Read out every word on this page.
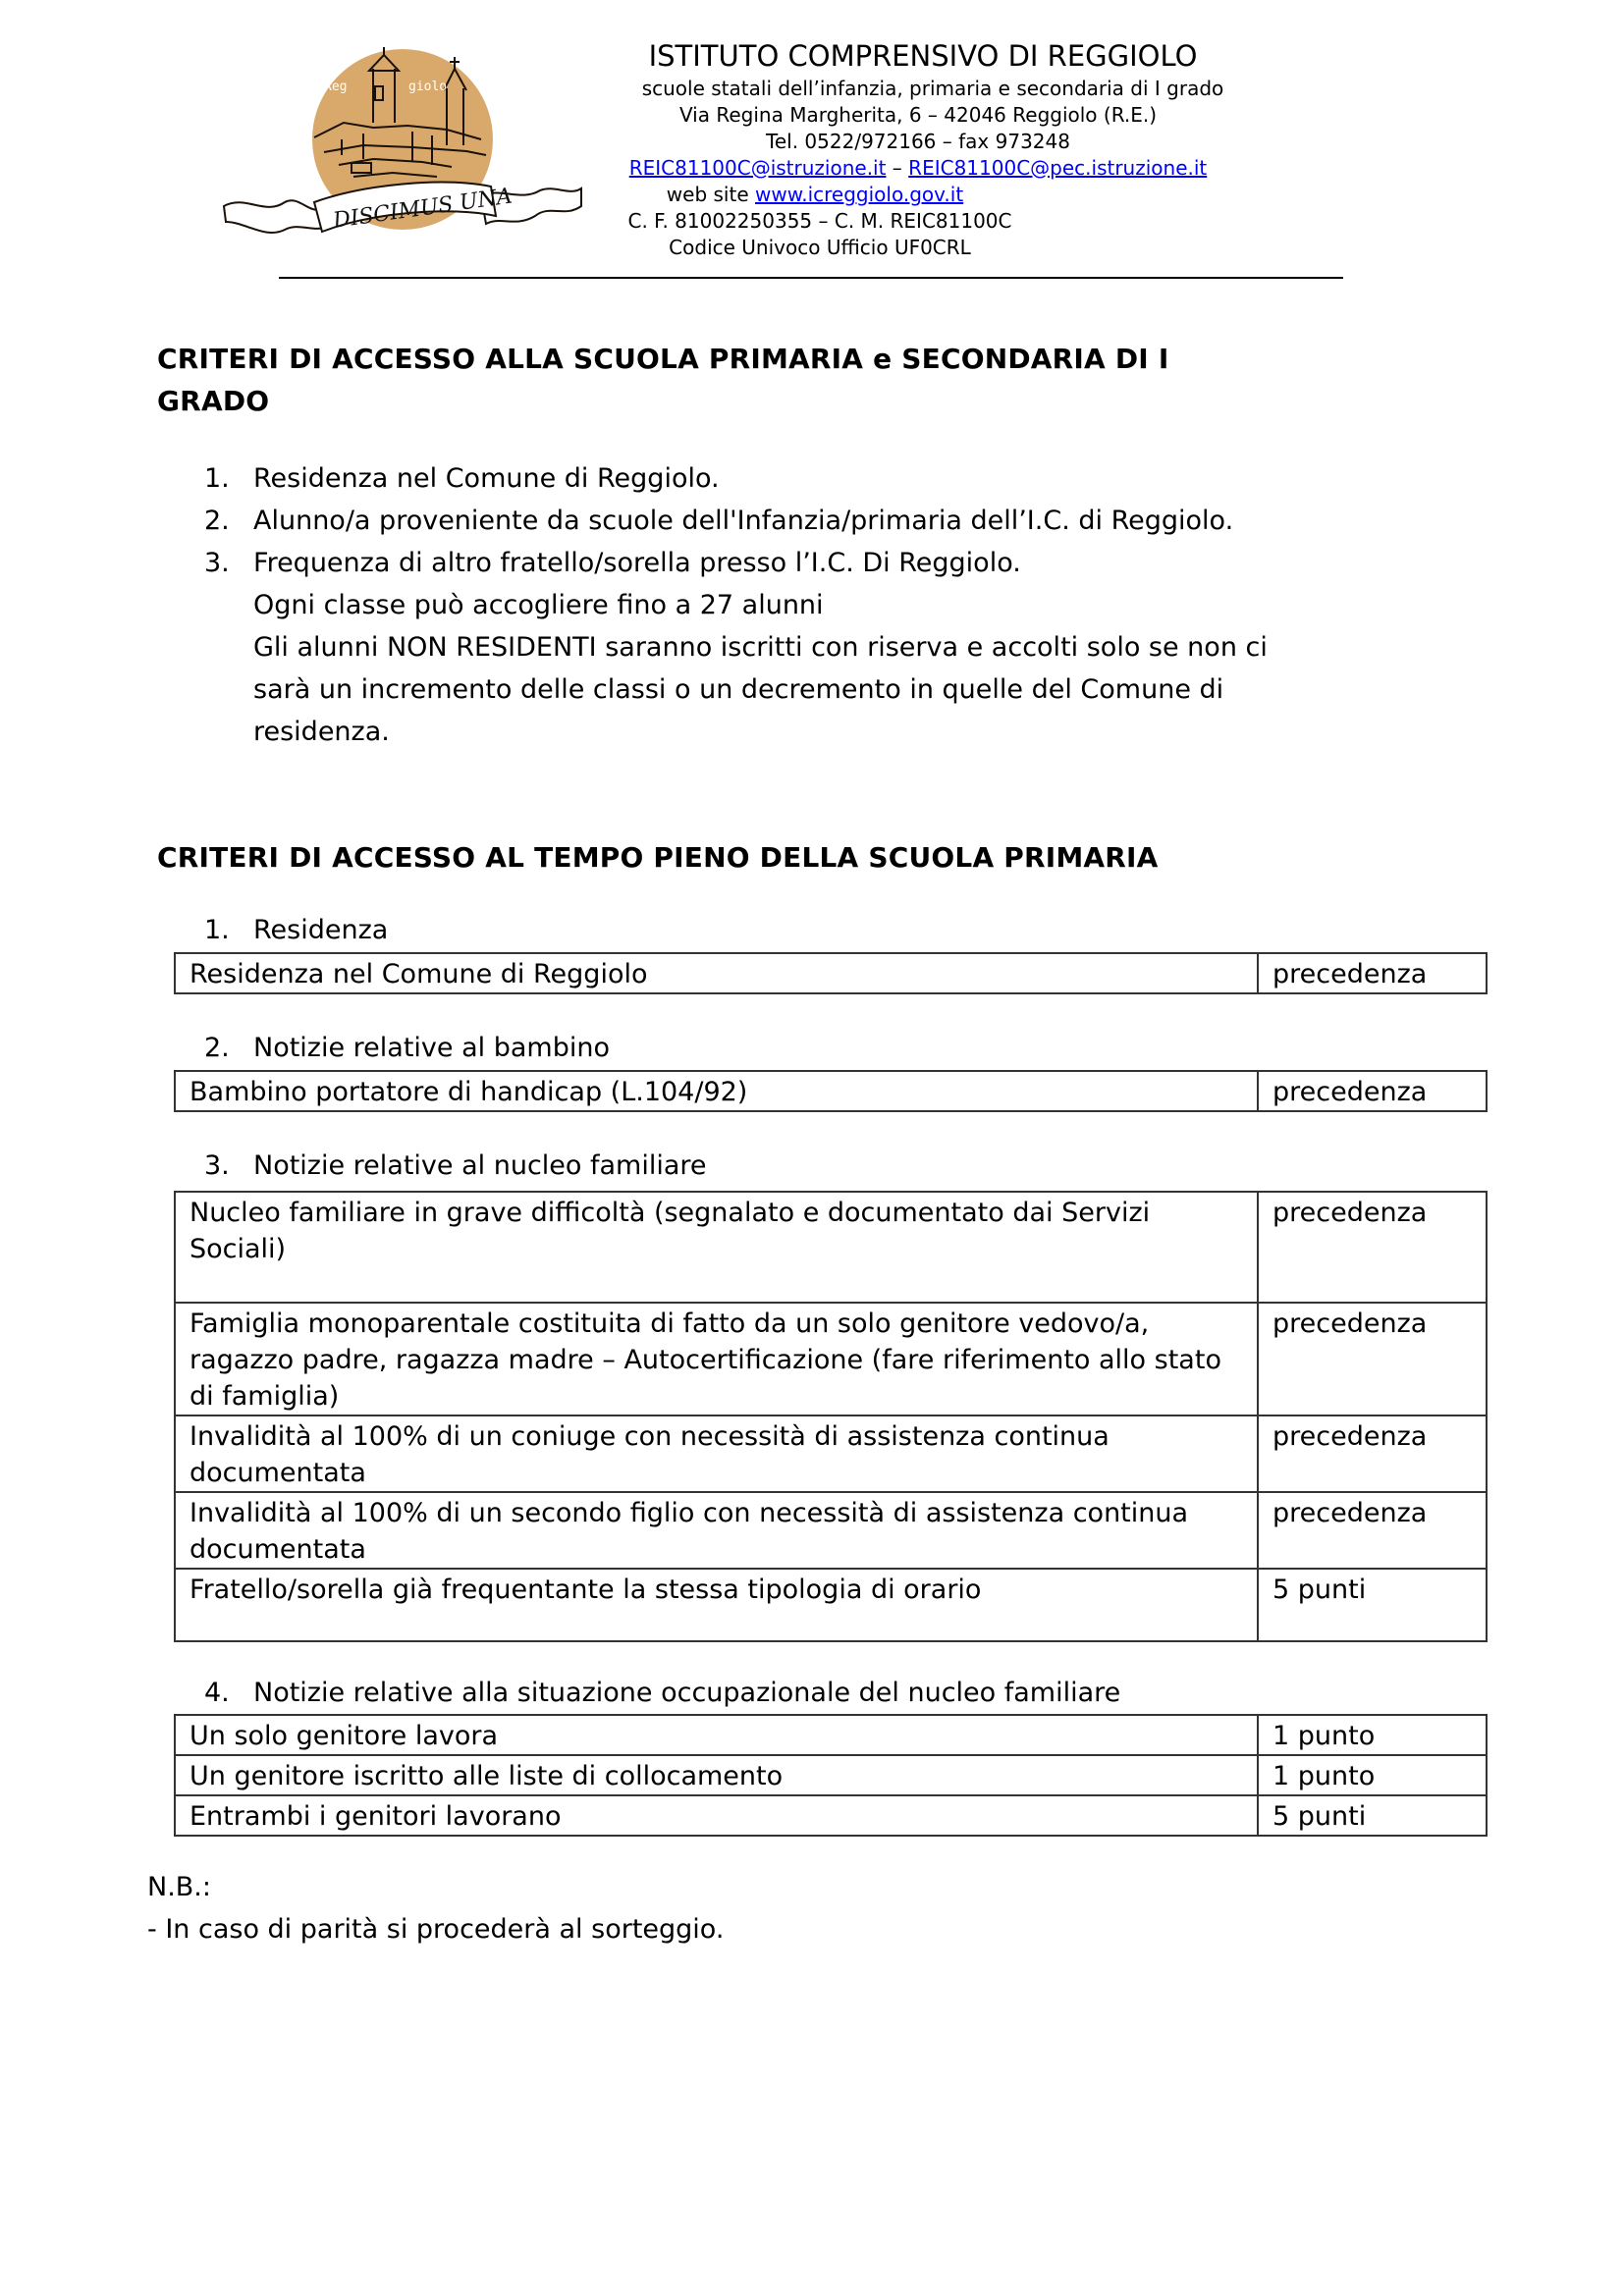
Reg	giolo
DISCIMUS UNA
ISTITUTO COMPRENSIVO DI REGGIOLO
scuole statali dell’infanzia, primaria e secondaria di I grado
Via Regina Margherita, 6 – 42046 Reggiolo (R.E.)
Tel. 0522/972166 – fax 973248
REIC81100C@istruzione.it – REIC81100C@pec.istruzione.it
web site www.icreggiolo.gov.it
C. F. 81002250355 – C. M. REIC81100C
Codice Univoco Ufficio UF0CRL
CRITERI DI ACCESSO ALLA SCUOLA PRIMARIA e SECONDARIA DI I
GRADO
1. Residenza nel Comune di Reggiolo.
2. Alunno/a proveniente da scuole dell'Infanzia/primaria dell’I.C. di Reggiolo.
3. Frequenza di altro fratello/sorella presso l’I.C. Di Reggiolo.
Ogni classe può accogliere fino a 27 alunni
Gli alunni NON RESIDENTI saranno iscritti con riserva e accolti solo se non ci
sarà un incremento delle classi o un decremento in quelle del Comune di
residenza.
CRITERI DI ACCESSO AL TEMPO PIENO DELLA SCUOLA PRIMARIA
1. Residenza
Residenza nel Comune di Reggiolo	precedenza
2. Notizie relative al bambino
Bambino portatore di handicap (L.104/92)	precedenza
3. Notizie relative al nucleo familiare
Nucleo familiare in grave difficoltà (segnalato e documentato dai Servizi Sociali)	precedenza
Famiglia monoparentale costituita di fatto da un solo genitore vedovo/a, ragazzo padre, ragazza madre – Autocertificazione (fare riferimento allo stato di famiglia)	precedenza
Invalidità al 100% di un coniuge con necessità di assistenza continua documentata	precedenza
Invalidità al 100% di un secondo figlio con necessità di assistenza continua documentata	precedenza
Fratello/sorella già frequentante la stessa tipologia di orario	5 punti
4. Notizie relative alla situazione occupazionale del nucleo familiare
Un solo genitore lavora	1 punto
Un genitore iscritto alle liste di collocamento	1 punto
Entrambi i genitori lavorano	5 punti
N.B.:
- In caso di parità si procederà al sorteggio.
